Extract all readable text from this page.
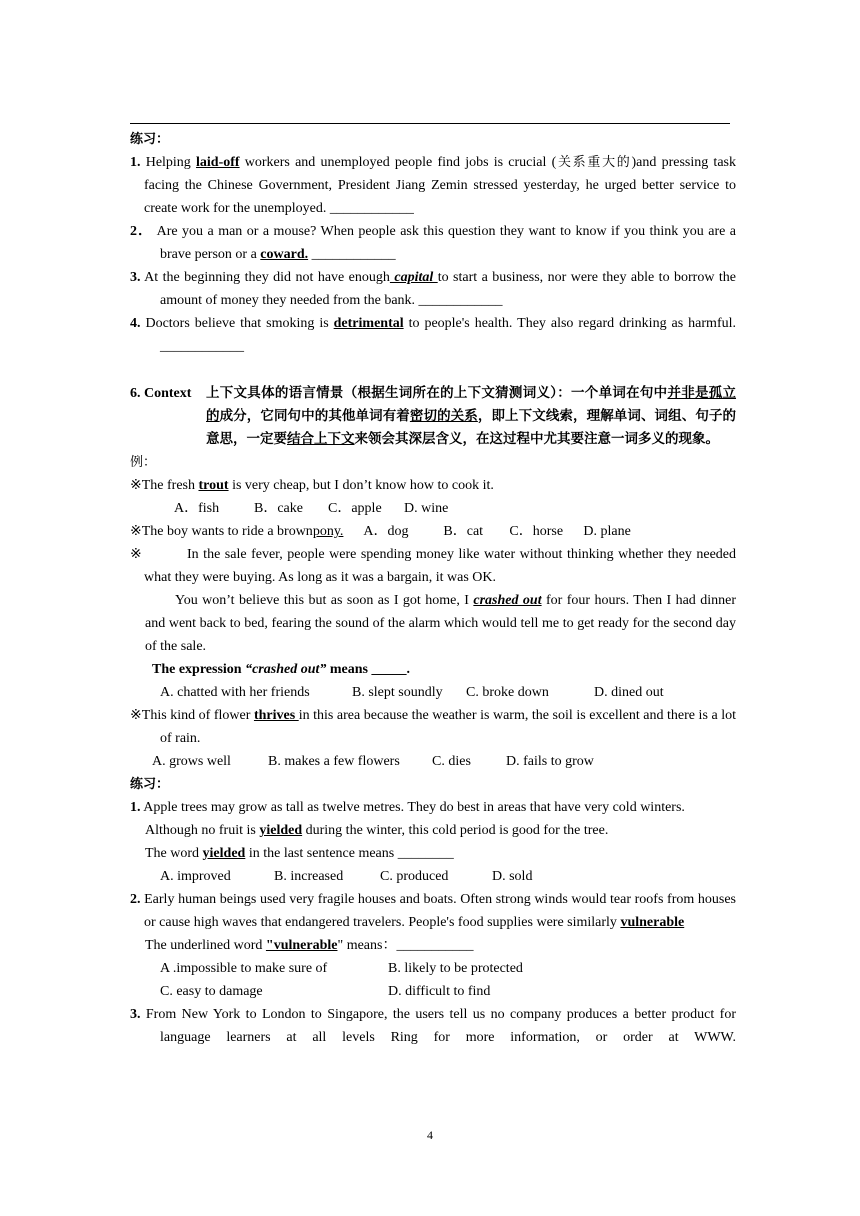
练习：

1. Helping laid-off workers and unemployed people find jobs is crucial (关系重大的)and pressing task facing the Chinese Government, President Jiang Zemin stressed yesterday, he urged better service to create work for the unemployed. ____________

2． Are you a man or a mouse? When people ask this question they want to know if you think you are a brave person or a coward. ____________

3. At the beginning they did not have enough capital to start a business, nor were they able to borrow the amount of money they needed from the bank. ____________

4. Doctors believe that smoking is detrimental to people's health. They also regard drinking as harmful. ____________

6. Context	上下文具体的语言情景（根据生词所在的上下文猜测词义）：一个单词在句中并非是孤立的成分，它同句中的其他单词有着密切的关系，即上下文线索，理解单词、词组、句子的意思，一定要结合上下文来领会其深层含义，在这过程中尤其要注意一词多义的现象。

例：

※The fresh trout is very cheap, but I don’t know how to cook it.

A．fish B．cake C．apple D. wine

※The boy wants to ride a brownpony. A．dog B．cat C．horse D. plane

※	In the sale fever, people were spending money like water without thinking whether they needed what they were buying. As long as it was a bargain, it was OK.

You won’t believe this but as soon as I got home, I crashed out for four hours. Then I had dinner and went back to bed, fearing the sound of the alarm which would tell me to get ready for the second day of the sale.

The expression “crashed out” means _____.

A. chatted with her friends	B. slept soundly C. broke down	D. dined out

※This kind of flower thrives in this area because the weather is warm, the soil is excellent and there is a lot of rain.

A. grows well	B. makes a few flowers C. dies	D. fails to grow

练习：

1. Apple trees may grow as tall as twelve metres. They do best in areas that have very cold winters.

Although no fruit is yielded during the winter, this cold period is good for the tree.

The word yielded in the last sentence means ________

A. improved	B. increased	C. produced	D. sold

2. Early human beings used very fragile houses and boats. Often strong winds would tear roofs from houses or cause high waves that endangered travelers. People's food supplies were similarly vulnerable

The underlined word "vulnerable" means：___________

A .impossible to make sure of	B. likely to be protected

C. easy to damage	D. difficult to find

3. From New York to London to Singapore, the users tell us no company produces a better product for language learners at all levels Ring for more information, or order at WWW.

4
